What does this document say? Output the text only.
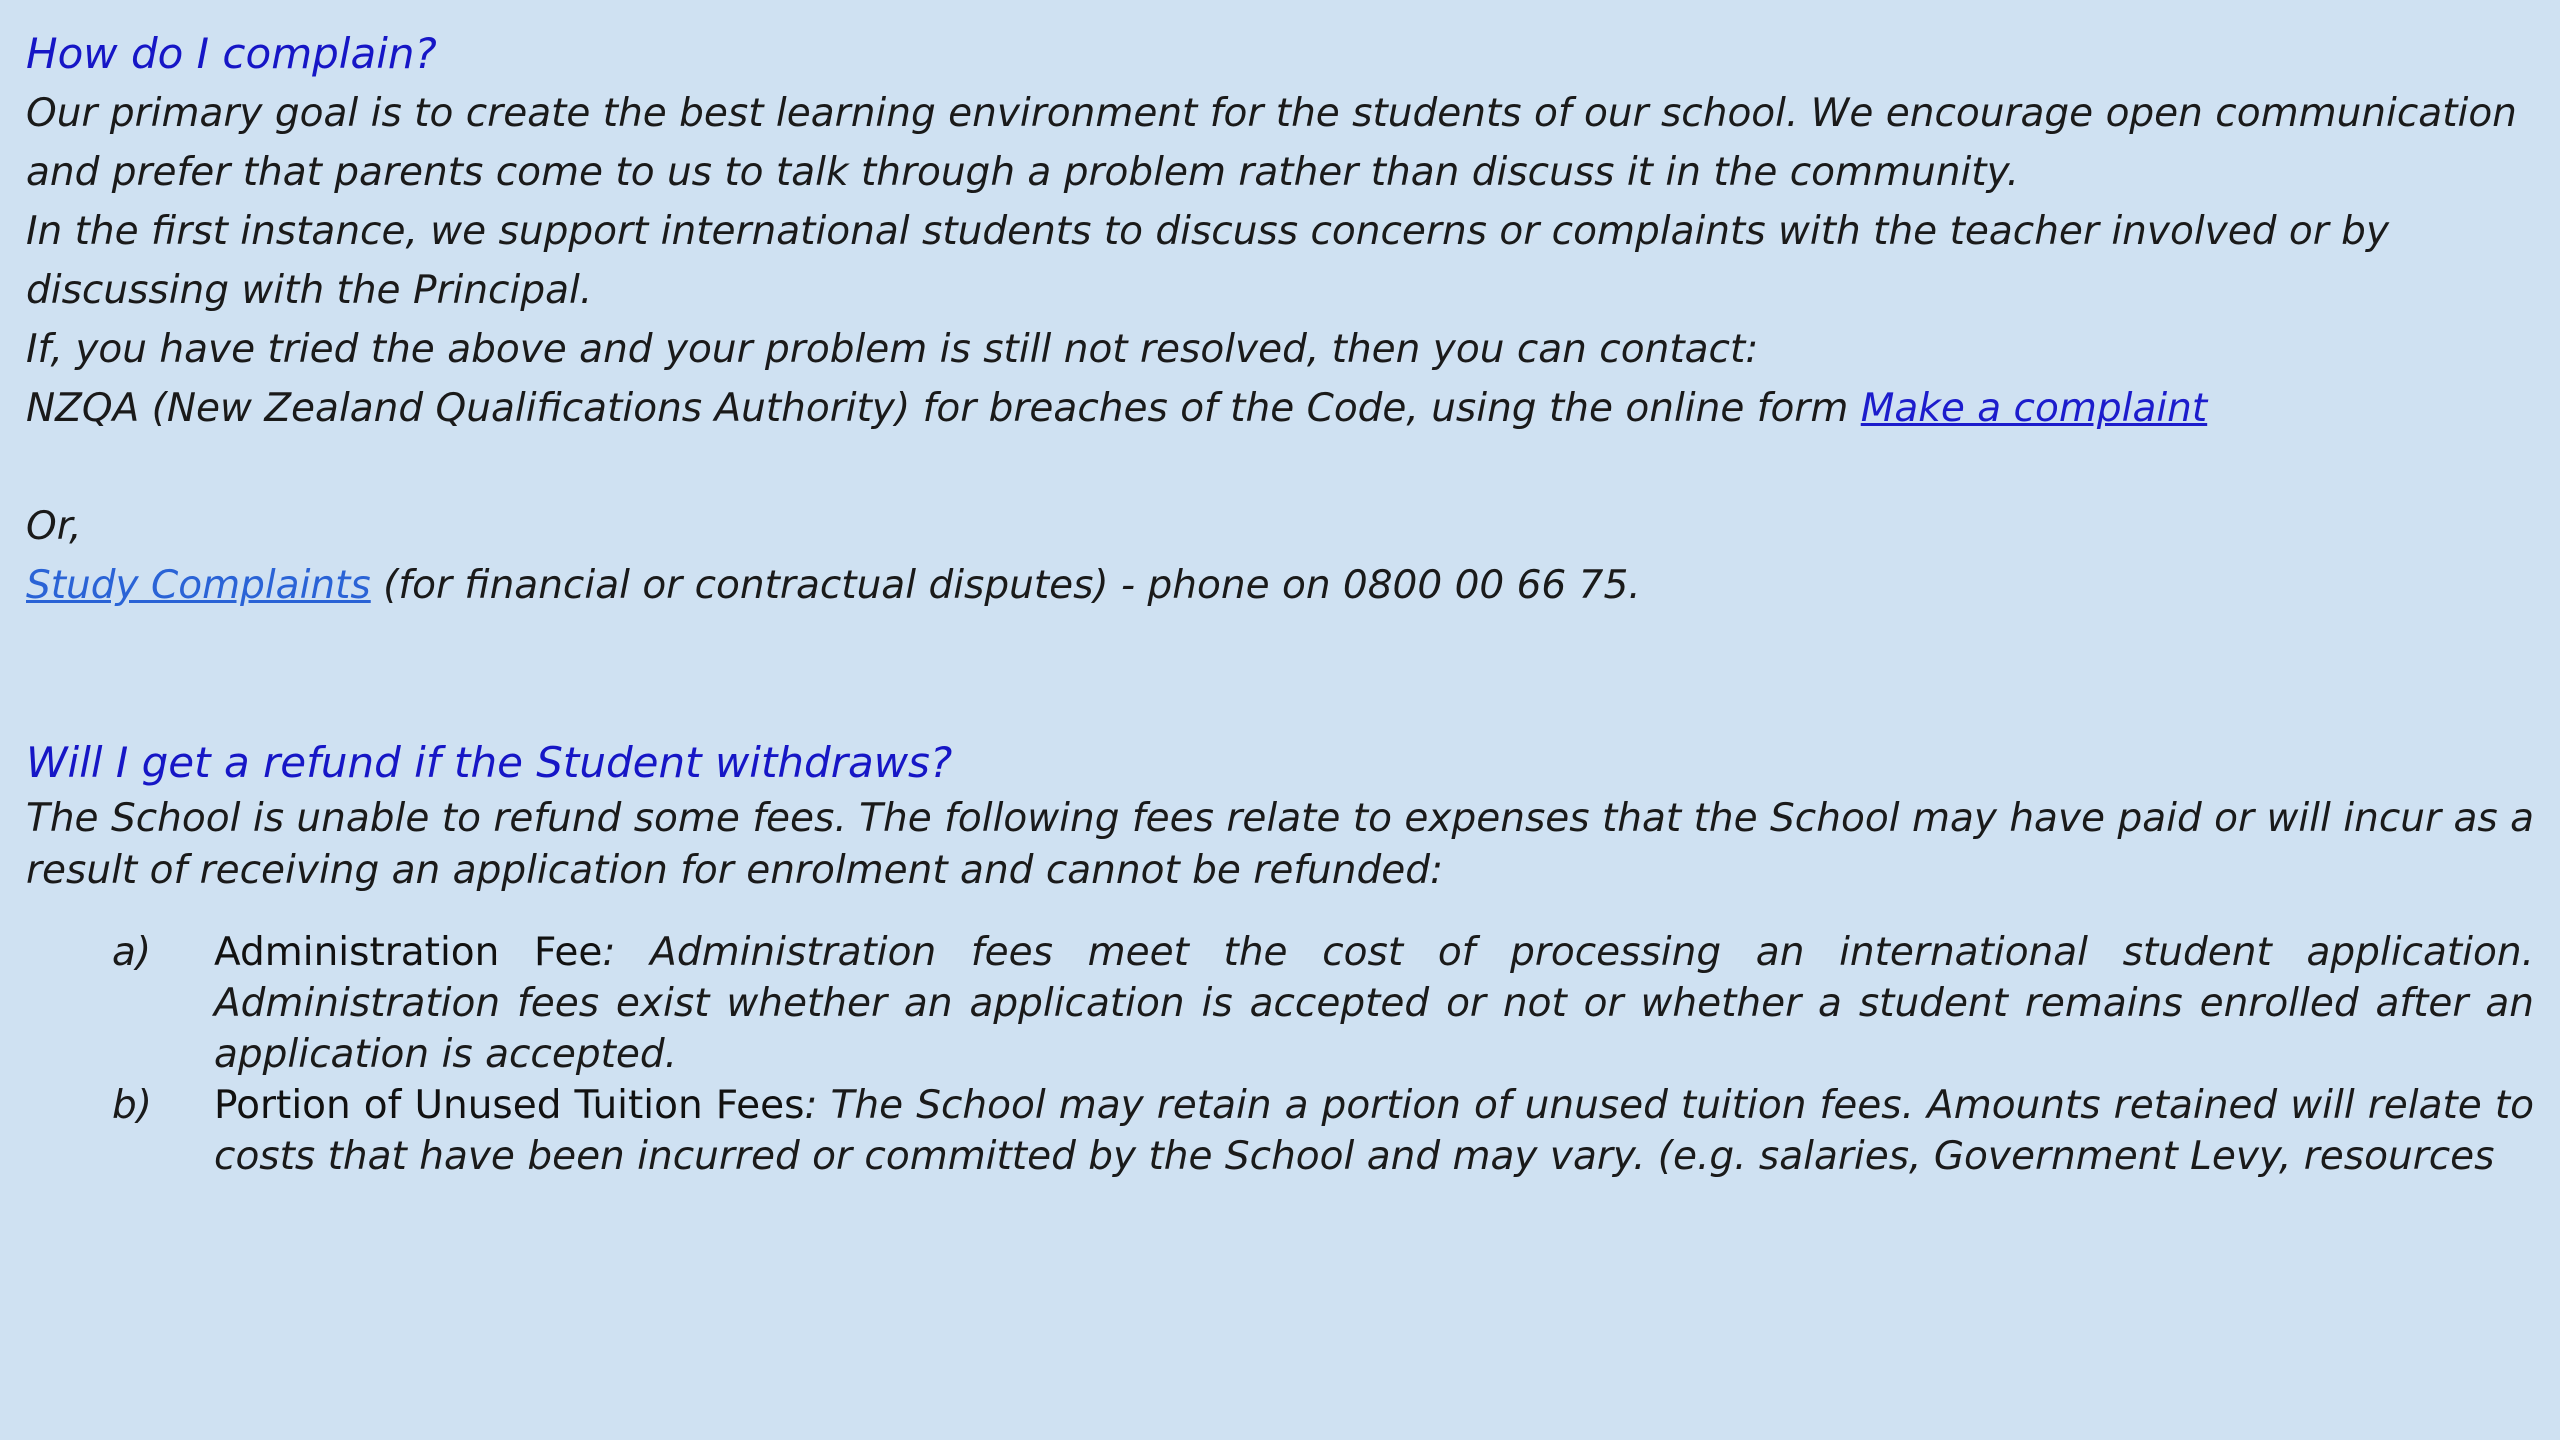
How do I complain?

Our primary goal is to create the best learning environment for the students of our school. We encourage open communication and prefer that parents come to us to talk through a problem rather than discuss it in the community.

In the first instance, we support international students to discuss concerns or complaints with the teacher involved or by discussing with the Principal.

If, you have tried the above and your problem is still not resolved, then you can contact:

NZQA (New Zealand Qualifications Authority) for breaches of the Code, using the online form Make a complaint

Or,

Study Complaints (for financial or contractual disputes) - phone on 0800 00 66 75.

Will I get a refund if the Student withdraws?

The School is unable to refund some fees. The following fees relate to expenses that the School may have paid or will incur as a result of receiving an application for enrolment and cannot be refunded:

a)	Administration Fee: Administration fees meet the cost of processing an international student application. Administration fees exist whether an application is accepted or not or whether a student remains enrolled after an application is accepted.
b)	Portion of Unused Tuition Fees: The School may retain a portion of unused tuition fees. Amounts retained will relate to costs that have been incurred or committed by the School and may vary. (e.g. salaries, Government Levy, resources
